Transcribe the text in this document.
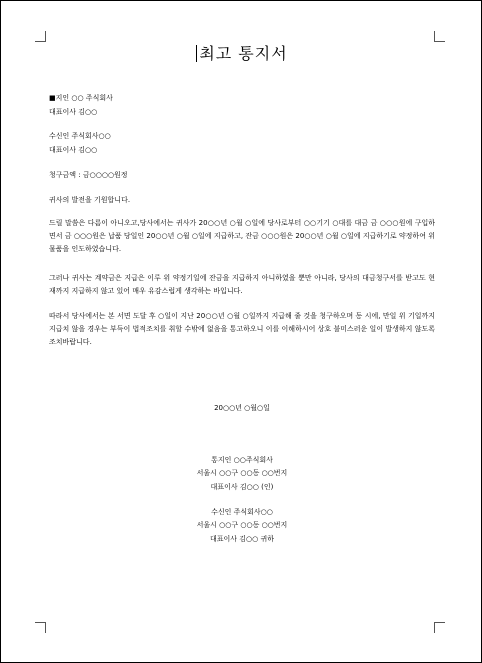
최고 통지서
■지인 ○○ 주식회사
대표이사 김○○
수신인 주식회사○○
대표이사 김○○
청구금액 : 금○○○○원정
귀사의 발전을 기원합니다.
드릴 말씀은 다름이 아니오고,당사에서는 귀사가 20○○년 ○월 ○일에 당사로부터 ○○기기 ○대를 대금 금 ○○○원에 구입하면서 금 ○○○원은 납품 당일인 20○○년 ○월 ○일에 지급하고, 잔금 ○○○원은 20○○년 ○월 ○일에 지급하기로 약정하여 위 물품을 인도하였습니다.
그러나 귀사는 계약금은 지급은 이루 위 약정기일에 잔금을 지급하지 아니하였을 뿐만 아니라, 당사의 대금청구서를 받고도 현재까지 지급하지 않고 있어 매우 유감스럽게 생각하는 바입니다.
따라서 당사에서는 본 서면 도달 후 ○일이 지난 20○○년 ○월 ○일까지 지급해 줄 것을 청구하오며 동 시에, 만일 위 기일까지 지급치 않을 경우는 부득이 법적조치를 취할 수밖에 없음을 통고하오니 이를 이해하시어 상호 불미스러운 일이 발생하지 않도록 조치바랍니다.
20○○년 ○월○일
통지인 ○○주식회사
서울시 ○○구 ○○동 ○○번지
대표이사 김○○ (인)
수신인 주식회사○○
서울시 ○○구 ○○동 ○○번지
대표이사 김○○ 귀하
